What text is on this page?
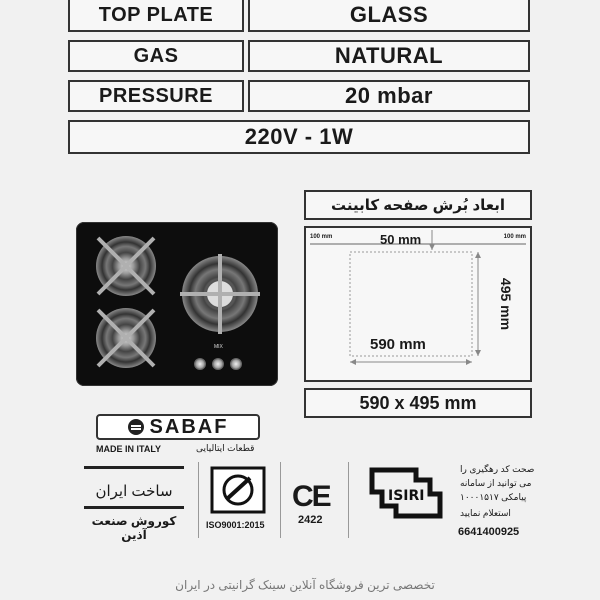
TOP PLATE	GLASS
GAS	NATURAL
PRESSURE	20 mbar
220V - 1W
MIX
ابعاد بُرش صفحه کابینت
100 mm	100 mm
50 mm
495 mm
590 mm
590 x 495 mm
SABAF
MADE IN ITALY	قطعات ایتالیایی
ساخت ایران
کوروش صنعت آذین
ISO9001:2015
CE
2422
ISIRI
صحت کد رهگیری را
می توانید از سامانه
پیامکی ۱۰۰۰۱۵۱۷
استعلام نمایید
6641400925
تخصصی ترین فروشگاه آنلاین سینک گرانیتی در ایران
